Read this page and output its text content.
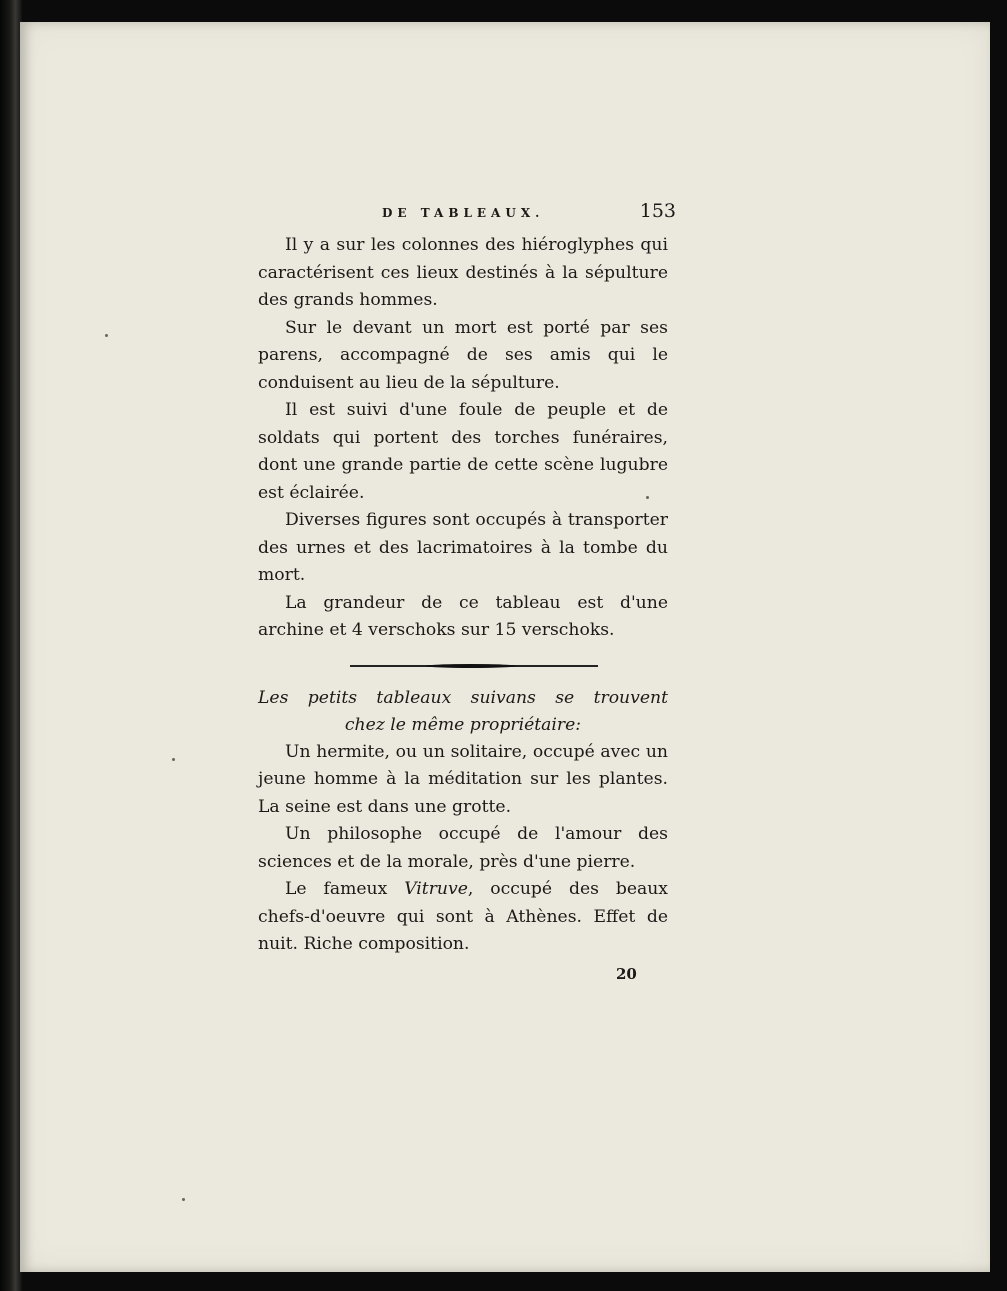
DE TABLEAUX.	153

Il y a sur les colonnes des hiéroglyphes qui caractérisent ces lieux destinés à la sépulture des grands hommes.

Sur le devant un mort est porté par ses parens, accompagné de ses amis qui le conduisent au lieu de la sépulture.

Il est suivi d'une foule de peuple et de soldats qui portent des torches funéraires, dont une grande partie de cette scène lugubre est éclairée.

Diverses figures sont occupés à transporter des urnes et des lacrimatoires à la tombe du mort.

La grandeur de ce tableau est d'une archine et 4 verschoks sur 15 verschoks.

Les petits tableaux suivans se trouvent

chez le même propriétaire:

Un hermite, ou un solitaire, occupé avec un jeune homme à la méditation sur les plantes. La seine est dans une grotte.

Un philosophe occupé de l'amour des sciences et de la morale, près d'une pierre.

Le fameux Vitruve, occupé des beaux chefs-d'oeuvre qui sont à Athènes. Effet de nuit. Riche composition.

20
